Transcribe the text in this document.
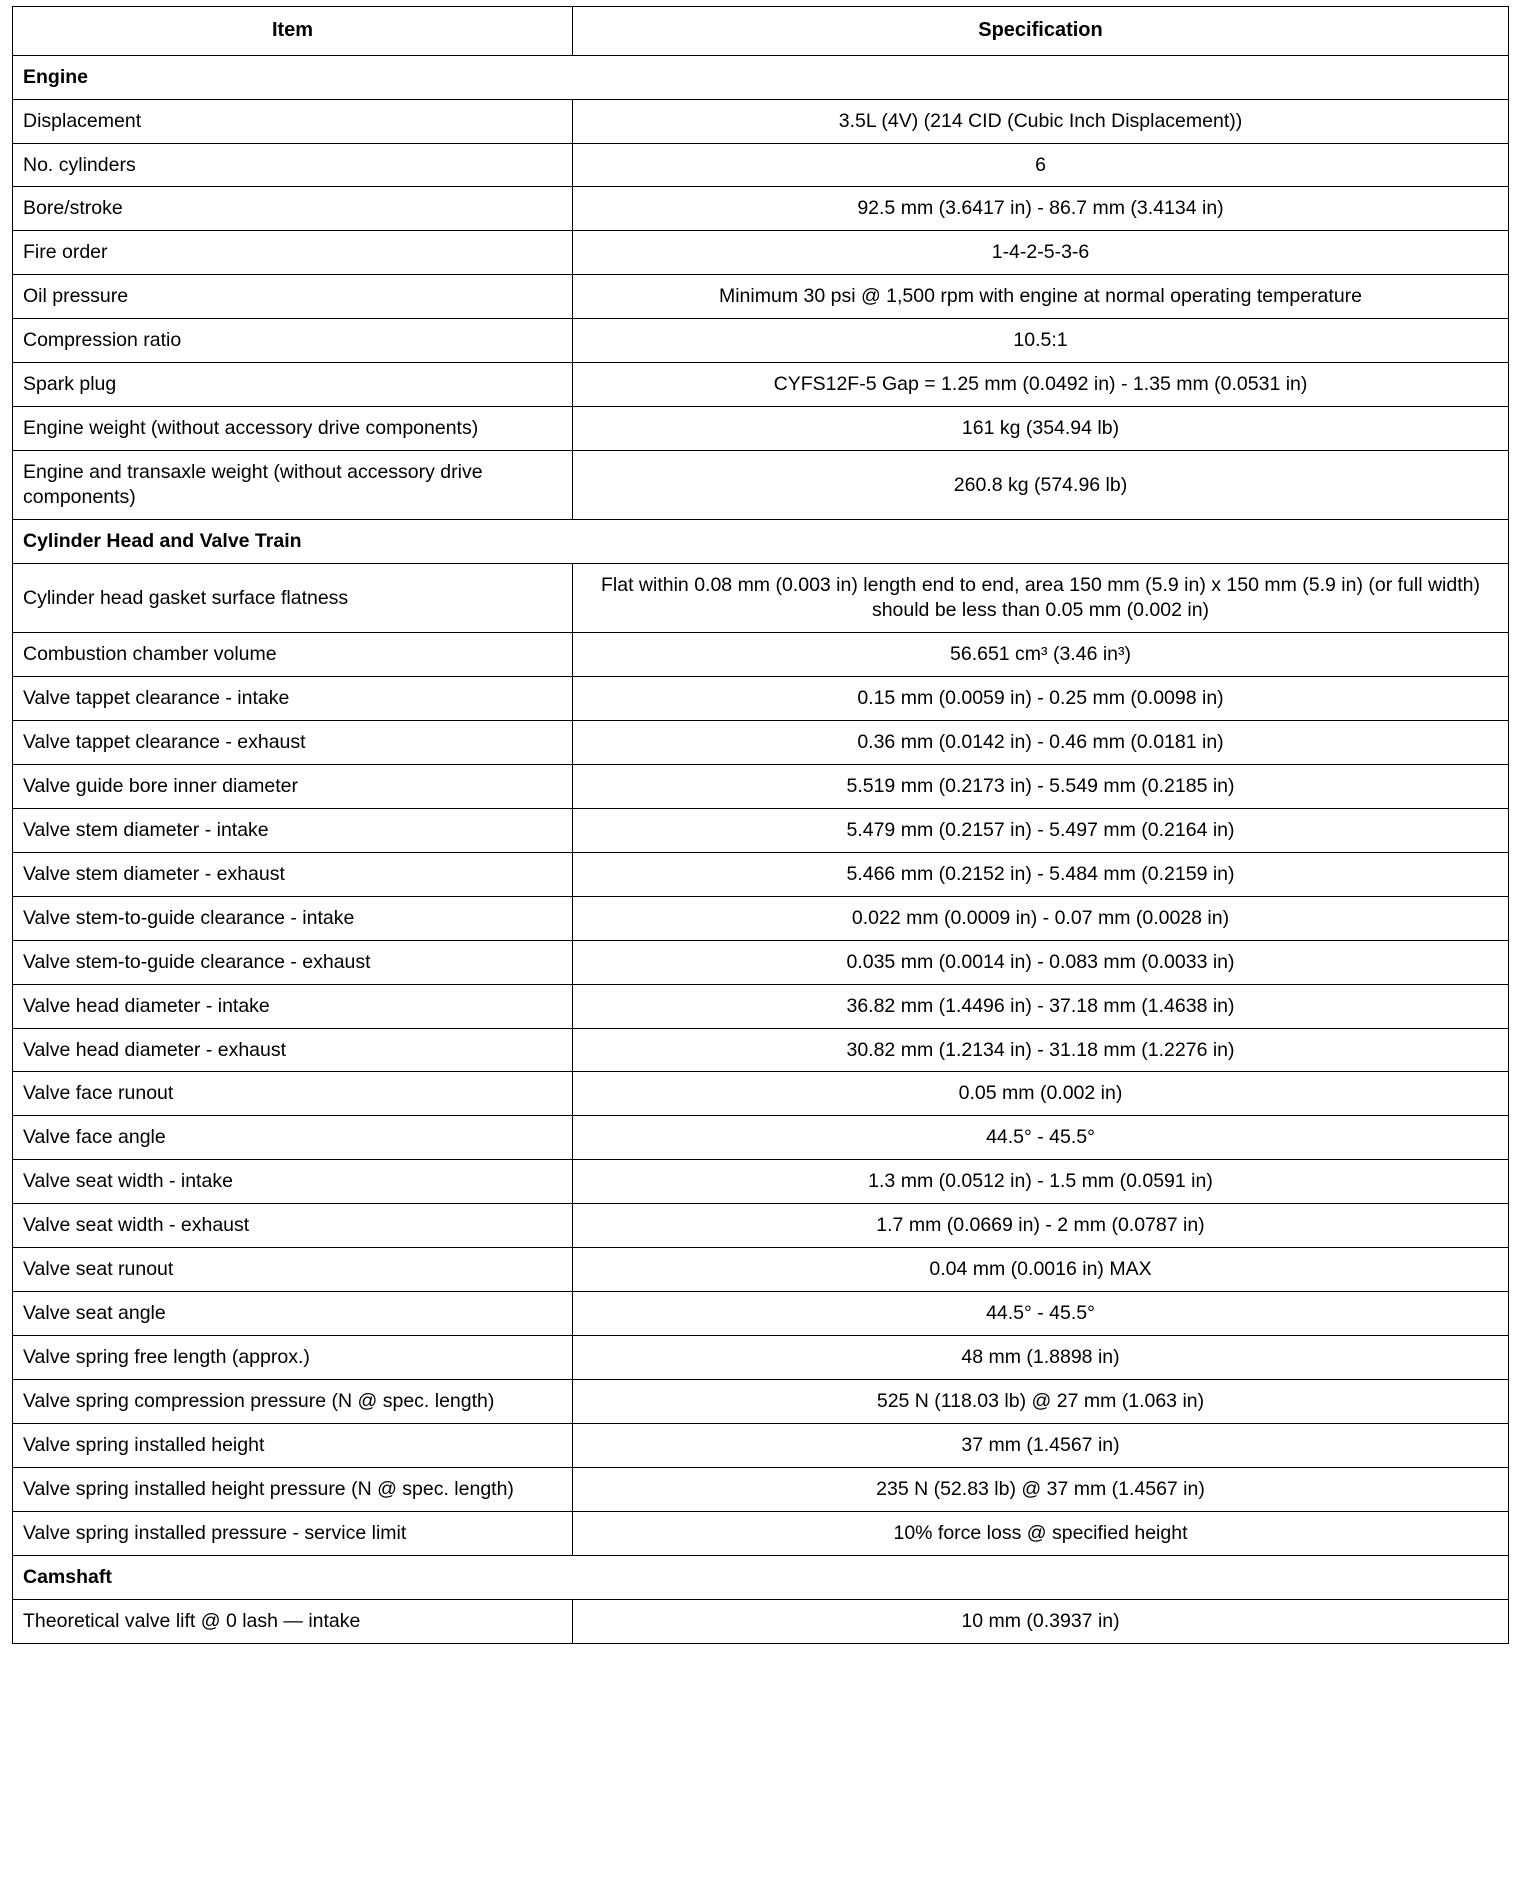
Item	Specification
Engine	
Displacement	3.5L (4V) (214 CID (Cubic Inch Displacement))
No. cylinders	6
Bore/stroke	92.5 mm (3.6417 in) - 86.7 mm (3.4134 in)
Fire order	1-4-2-5-3-6
Oil pressure	Minimum 30 psi @ 1,500 rpm with engine at normal operating temperature
Compression ratio	10.5:1
Spark plug	CYFS12F-5 Gap = 1.25 mm (0.0492 in) - 1.35 mm (0.0531 in)
Engine weight (without accessory drive components)	161 kg (354.94 lb)
Engine and transaxle weight (without accessory drive components)	260.8 kg (574.96 lb)
Cylinder Head and Valve Train	
Cylinder head gasket surface flatness	Flat within 0.08 mm (0.003 in) length end to end, area 150 mm (5.9 in) x 150 mm (5.9 in) (or full width) should be less than 0.05 mm (0.002 in)
Combustion chamber volume	56.651 cm³ (3.46 in³)
Valve tappet clearance - intake	0.15 mm (0.0059 in) - 0.25 mm (0.0098 in)
Valve tappet clearance - exhaust	0.36 mm (0.0142 in) - 0.46 mm (0.0181 in)
Valve guide bore inner diameter	5.519 mm (0.2173 in) - 5.549 mm (0.2185 in)
Valve stem diameter - intake	5.479 mm (0.2157 in) - 5.497 mm (0.2164 in)
Valve stem diameter - exhaust	5.466 mm (0.2152 in) - 5.484 mm (0.2159 in)
Valve stem-to-guide clearance - intake	0.022 mm (0.0009 in) - 0.07 mm (0.0028 in)
Valve stem-to-guide clearance - exhaust	0.035 mm (0.0014 in) - 0.083 mm (0.0033 in)
Valve head diameter - intake	36.82 mm (1.4496 in) - 37.18 mm (1.4638 in)
Valve head diameter - exhaust	30.82 mm (1.2134 in) - 31.18 mm (1.2276 in)
Valve face runout	0.05 mm (0.002 in)
Valve face angle	44.5° - 45.5°
Valve seat width - intake	1.3 mm (0.0512 in) - 1.5 mm (0.0591 in)
Valve seat width - exhaust	1.7 mm (0.0669 in) - 2 mm (0.0787 in)
Valve seat runout	0.04 mm (0.0016 in) MAX
Valve seat angle	44.5° - 45.5°
Valve spring free length (approx.)	48 mm (1.8898 in)
Valve spring compression pressure (N @ spec. length)	525 N (118.03 lb) @ 27 mm (1.063 in)
Valve spring installed height	37 mm (1.4567 in)
Valve spring installed height pressure (N @ spec. length)	235 N (52.83 lb) @ 37 mm (1.4567 in)
Valve spring installed pressure - service limit	10% force loss @ specified height
Camshaft	
Theoretical valve lift @ 0 lash — intake	10 mm (0.3937 in)
